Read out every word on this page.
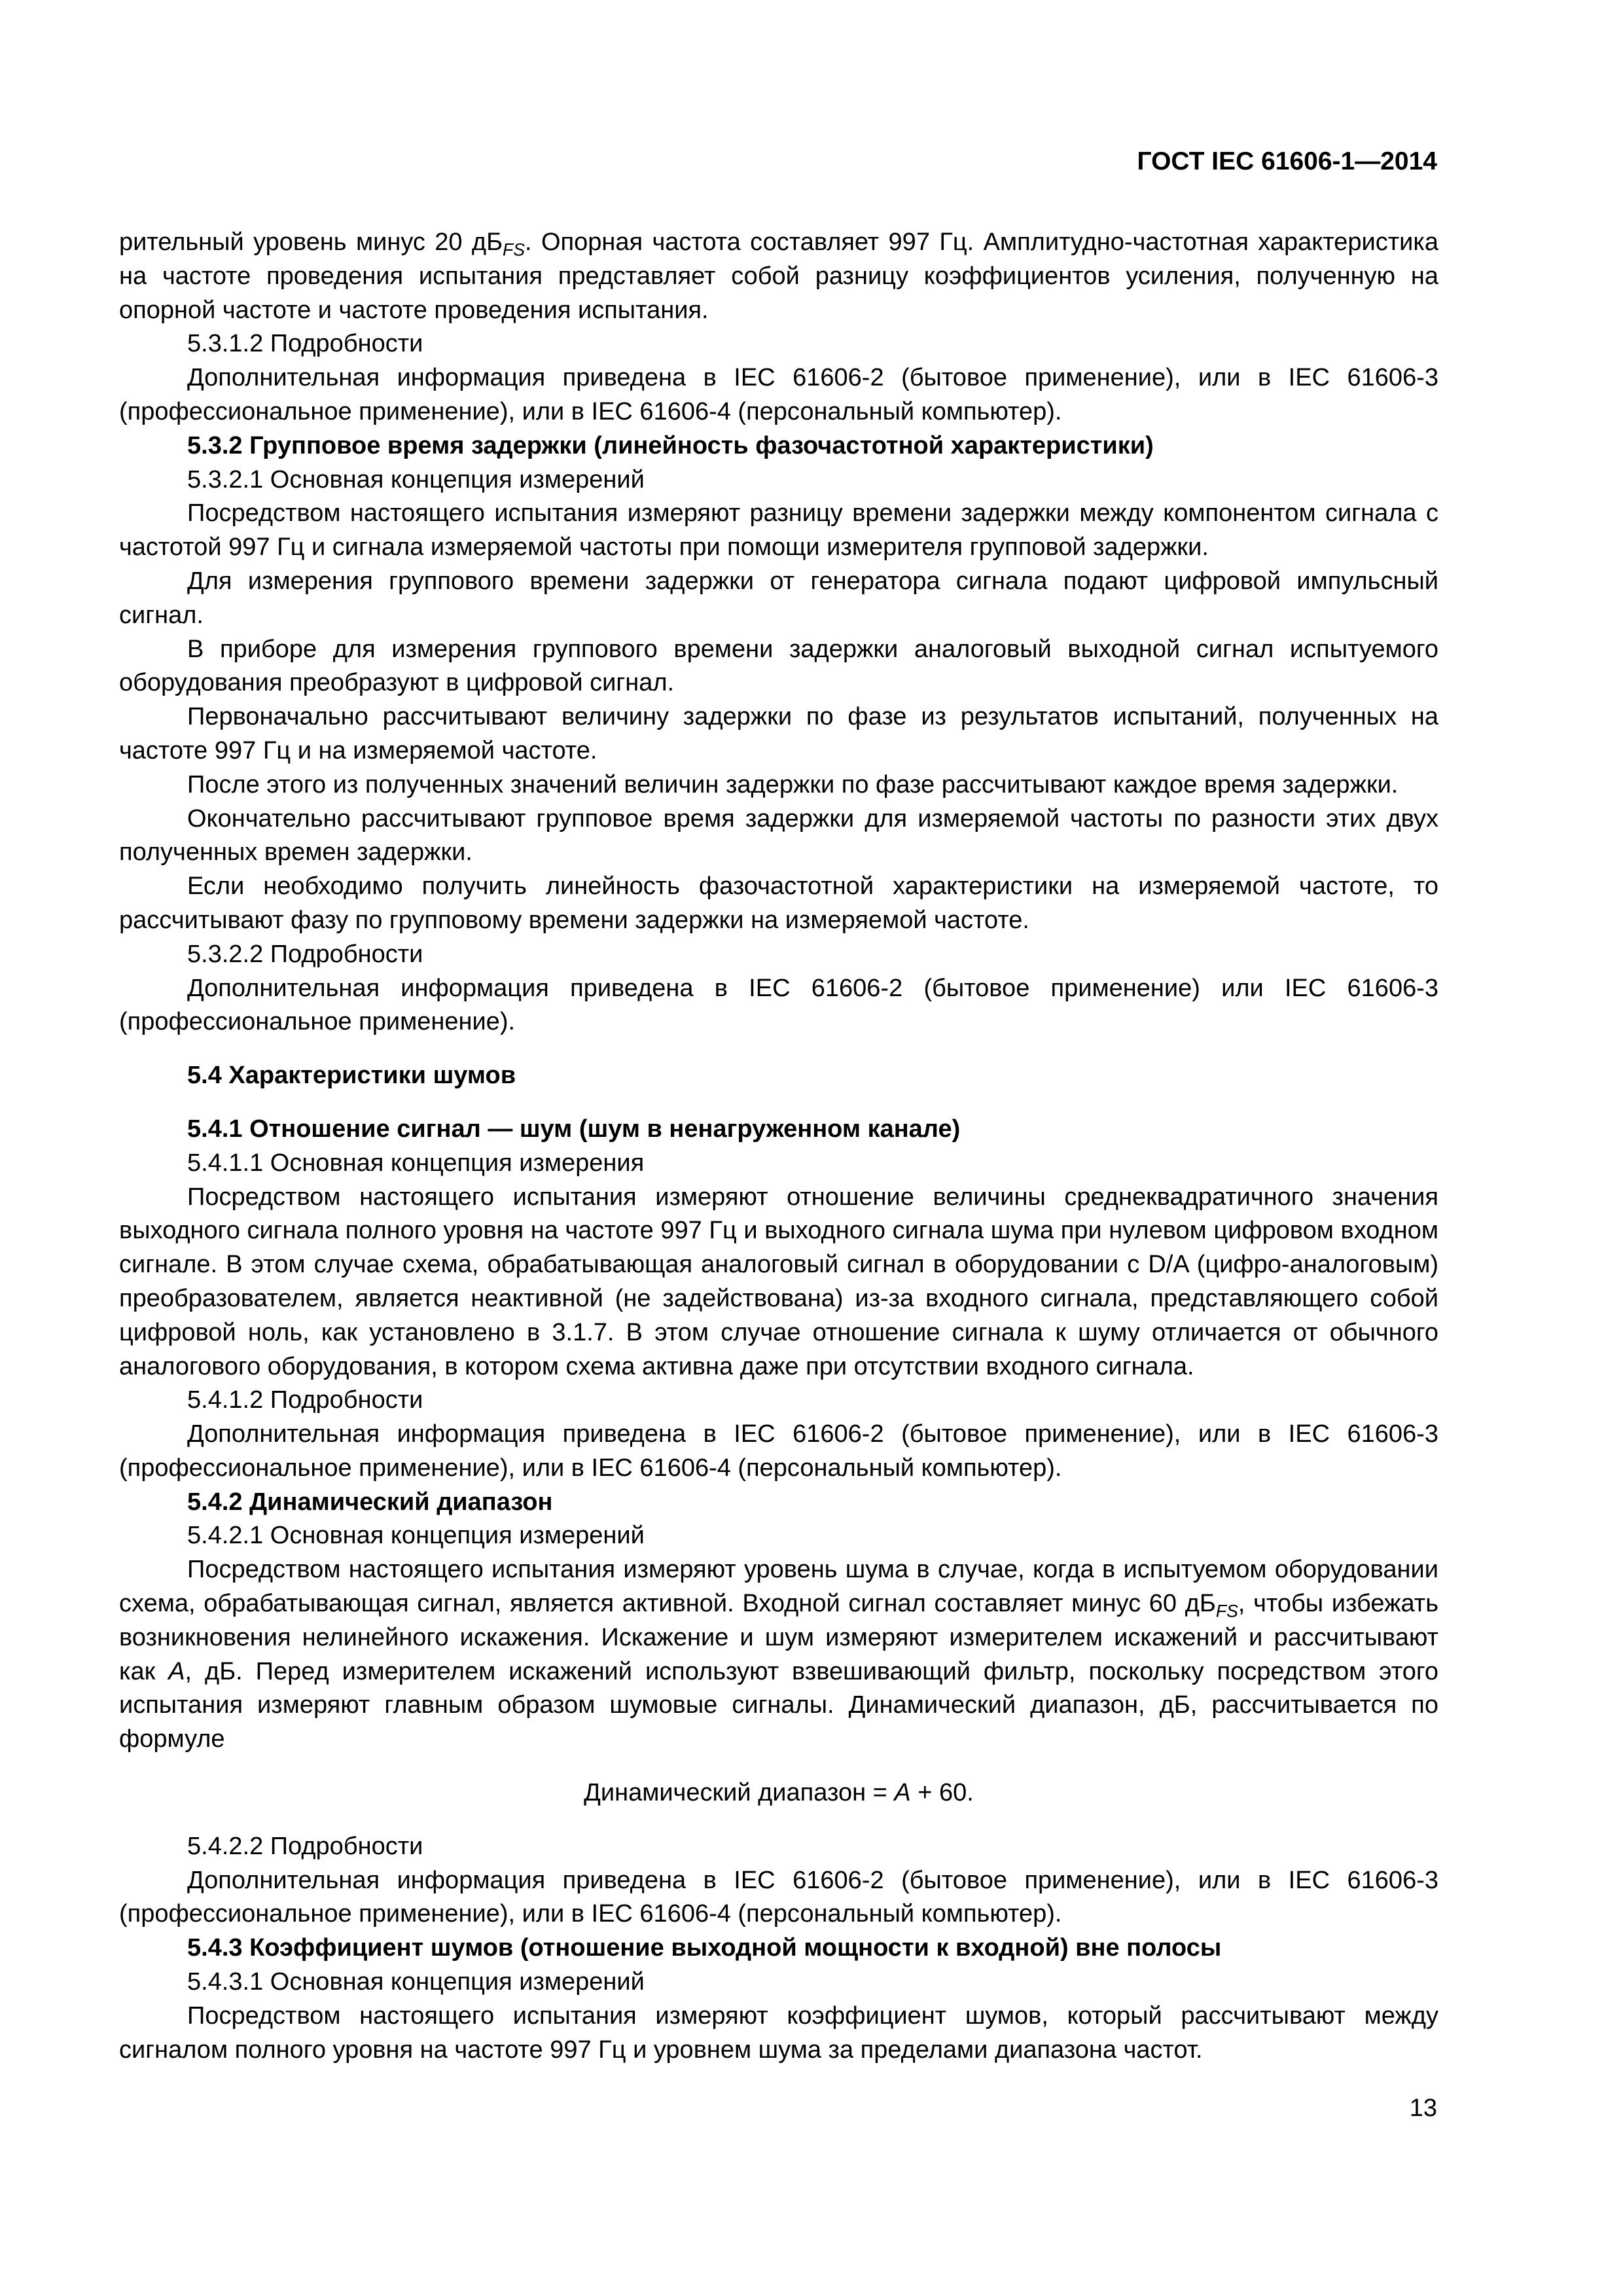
ГОСТ IEC 61606-1—2014

рительный уровень минус 20 $дБ_{FS}$. Опорная частота составляет 997 Гц. Амплитудно-частотная характеристика на частоте проведения испытания представляет собой разницу коэффициентов усиления, полученную на опорной частоте и частоте проведения испытания.

5.3.1.2 Подробности

Дополнительная информация приведена в IEC 61606-2 (бытовое применение), или в IEC 61606-3 (профессиональное применение), или в IEC 61606-4 (персональный компьютер).

5.3.2 Групповое время задержки (линейность фазочастотной характеристики)

5.3.2.1 Основная концепция измерений

Посредством настоящего испытания измеряют разницу времени задержки между компонентом сигнала с частотой 997 Гц и сигнала измеряемой частоты при помощи измерителя групповой задержки.

Для измерения группового времени задержки от генератора сигнала подают цифровой импульсный сигнал.

В приборе для измерения группового времени задержки аналоговый выходной сигнал испытуемого оборудования преобразуют в цифровой сигнал.

Первоначально рассчитывают величину задержки по фазе из результатов испытаний, полученных на частоте 997 Гц и на измеряемой частоте.

После этого из полученных значений величин задержки по фазе рассчитывают каждое время задержки.

Окончательно рассчитывают групповое время задержки для измеряемой частоты по разности этих двух полученных времен задержки.

Если необходимо получить линейность фазочастотной характеристики на измеряемой частоте, то рассчитывают фазу по групповому времени задержки на измеряемой частоте.

5.3.2.2 Подробности

Дополнительная информация приведена в IEC 61606-2 (бытовое применение) или IEC 61606-3 (профессиональное применение).

5.4 Характеристики шумов

5.4.1 Отношение сигнал — шум (шум в ненагруженном канале)

5.4.1.1 Основная концепция измерения

Посредством настоящего испытания измеряют отношение величины среднеквадратичного значения выходного сигнала полного уровня на частоте 997 Гц и выходного сигнала шума при нулевом цифровом входном сигнале. В этом случае схема, обрабатывающая аналоговый сигнал в оборудовании с D/A (цифро-аналоговым) преобразователем, является неактивной (не задействована) из-за входного сигнала, представляющего собой цифровой ноль, как установлено в 3.1.7. В этом случае отношение сигнала к шуму отличается от обычного аналогового оборудования, в котором схема активна даже при отсутствии входного сигнала.

5.4.1.2 Подробности

Дополнительная информация приведена в IEC 61606-2 (бытовое применение), или в IEC 61606-3 (профессиональное применение), или в IEC 61606-4 (персональный компьютер).

5.4.2 Динамический диапазон

5.4.2.1 Основная концепция измерений

Посредством настоящего испытания измеряют уровень шума в случае, когда в испытуемом оборудовании схема, обрабатывающая сигнал, является активной. Входной сигнал составляет минус 60 $дБ_{FS}$, чтобы избежать возникновения нелинейного искажения. Искажение и шум измеряют измерителем искажений и рассчитывают как A, дБ. Перед измерителем искажений используют взвешивающий фильтр, поскольку посредством этого испытания измеряют главным образом шумовые сигналы. Динамический диапазон, дБ, рассчитывается по формуле

Динамический диапазон = A + 60.

5.4.2.2 Подробности

Дополнительная информация приведена в IEC 61606-2 (бытовое применение), или в IEC 61606-3 (профессиональное применение), или в IEC 61606-4 (персональный компьютер).

5.4.3 Коэффициент шумов (отношение выходной мощности к входной) вне полосы

5.4.3.1 Основная концепция измерений

Посредством настоящего испытания измеряют коэффициент шумов, который рассчитывают между сигналом полного уровня на частоте 997 Гц и уровнем шума за пределами диапазона частот.

13
